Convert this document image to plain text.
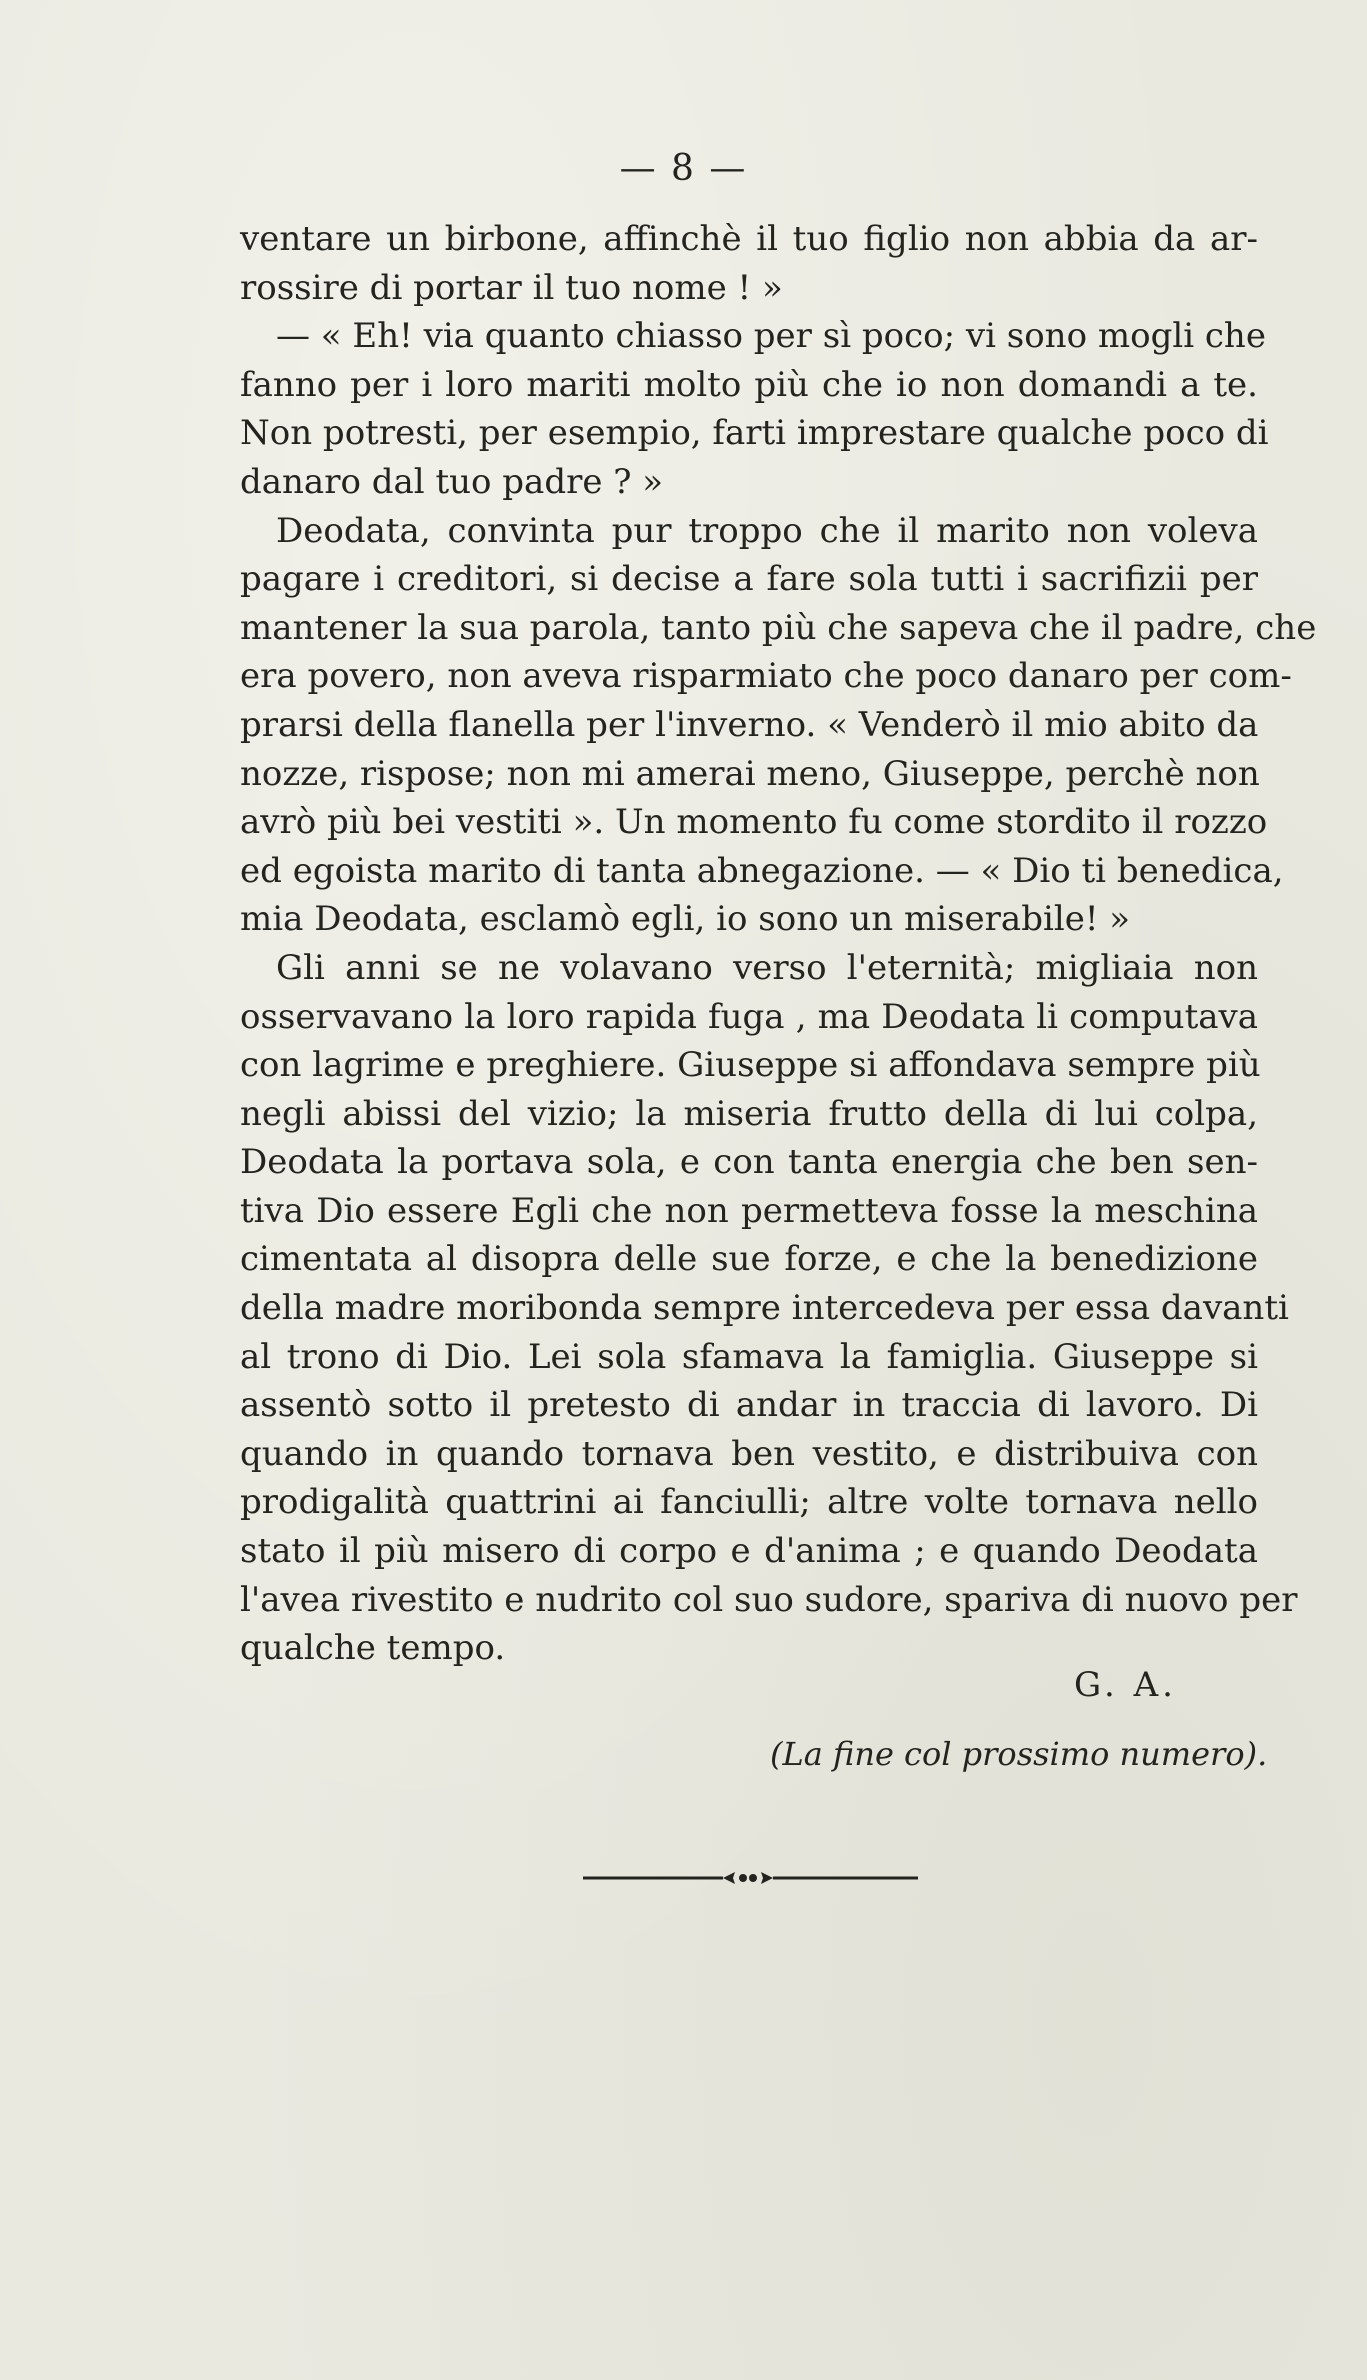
— 8 —
ventare un birbone, affinchè il tuo figlio non abbia da ar-
rossire di portar il tuo nome ! »
— « Eh! via quanto chiasso per sì poco; vi sono mogli che
fanno per i loro mariti molto più che io non domandi a te.
Non potresti, per esempio, farti imprestare qualche poco di
danaro dal tuo padre ? »
Deodata, convinta pur troppo che il marito non voleva
pagare i creditori, si decise a fare sola tutti i sacrifizii per
mantener la sua parola, tanto più che sapeva che il padre, che
era povero, non aveva risparmiato che poco danaro per com-
prarsi della flanella per l'inverno. « Venderò il mio abito da
nozze, rispose; non mi amerai meno, Giuseppe, perchè non
avrò più bei vestiti ». Un momento fu come stordito il rozzo
ed egoista marito di tanta abnegazione. — « Dio ti benedica,
mia Deodata, esclamò egli, io sono un miserabile! »
Gli anni se ne volavano verso l'eternità; migliaia non
osservavano la loro rapida fuga , ma Deodata li computava
con lagrime e preghiere. Giuseppe si affondava sempre più
negli abissi del vizio; la miseria frutto della di lui colpa,
Deodata la portava sola, e con tanta energia che ben sen-
tiva Dio essere Egli che non permetteva fosse la meschina
cimentata al disopra delle sue forze, e che la benedizione
della madre moribonda sempre intercedeva per essa davanti
al trono di Dio. Lei sola sfamava la famiglia. Giuseppe si
assentò sotto il pretesto di andar in traccia di lavoro. Di
quando in quando tornava ben vestito, e distribuiva con
prodigalità quattrini ai fanciulli; altre volte tornava nello
stato il più misero di corpo e d'anima ; e quando Deodata
l'avea rivestito e nudrito col suo sudore, spariva di nuovo per
qualche tempo.
G. A.
(La fine col prossimo numero).
